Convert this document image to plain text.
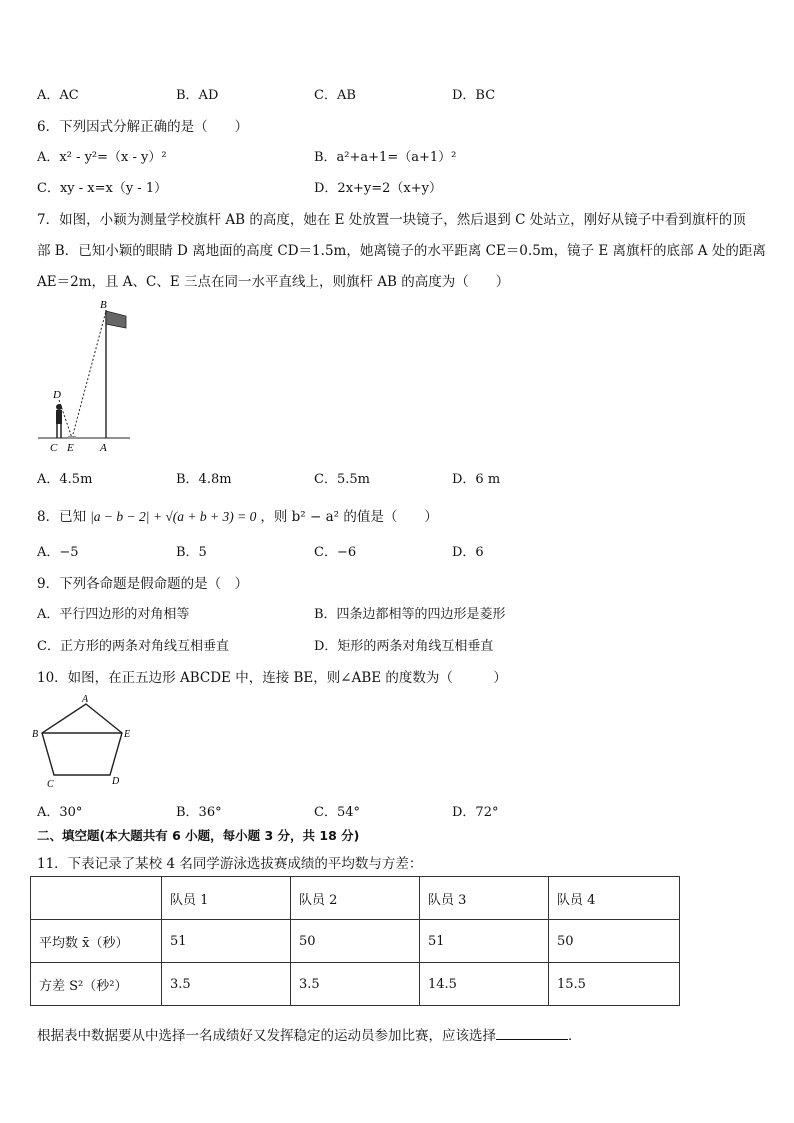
A．AC	B．AD	C．AB	D．BC
6．下列因式分解正确的是（　　）
A．x² - y²=（x - y）²	B．a²+a+1=（a+1）²
C．xy - x=x（y - 1）	D．2x+y=2（x+y）
7．如图，小颖为测量学校旗杆 AB 的高度，她在 E 处放置一块镜子，然后退到 C 处站立，刚好从镜子中看到旗杆的顶
部 B．已知小颖的眼睛 D 离地面的高度 CD＝1.5m，她离镜子的水平距离 CE＝0.5m，镜子 E 离旗杆的底部 A 处的距离
AE＝2m，且 A、C、E 三点在同一水平直线上，则旗杆 AB 的高度为（　　）
B
D
C E A
A．4.5m	B．4.8m	C．5.5m	D．6 m
8．已知 |a − b − 2| + √(a + b + 3) = 0 ，则 b² − a² 的值是（　　）
A．−5	B．5	C．−6	D．6
9．下列各命题是假命题的是（　）
A．平行四边形的对角相等	B．四条边都相等的四边形是菱形
C．正方形的两条对角线互相垂直	D．矩形的两条对角线互相垂直
10．如图，在正五边形 ABCDE 中，连接 BE，则∠ABE 的度数为（　　　）
A
B	E
C	D
A．30°	B．36°	C．54°	D．72°
二、填空题(本大题共有 6 小题，每小题 3 分，共 18 分)
11．下表记录了某校 4 名同学游泳选拔赛成绩的平均数与方差：
	队员 1	队员 2	队员 3	队员 4
平均数 x̄（秒）	51	50	51	50
方差 S²（秒²）	3.5	3.5	14.5	15.5
根据表中数据要从中选择一名成绩好又发挥稳定的运动员参加比赛，应该选择	．
